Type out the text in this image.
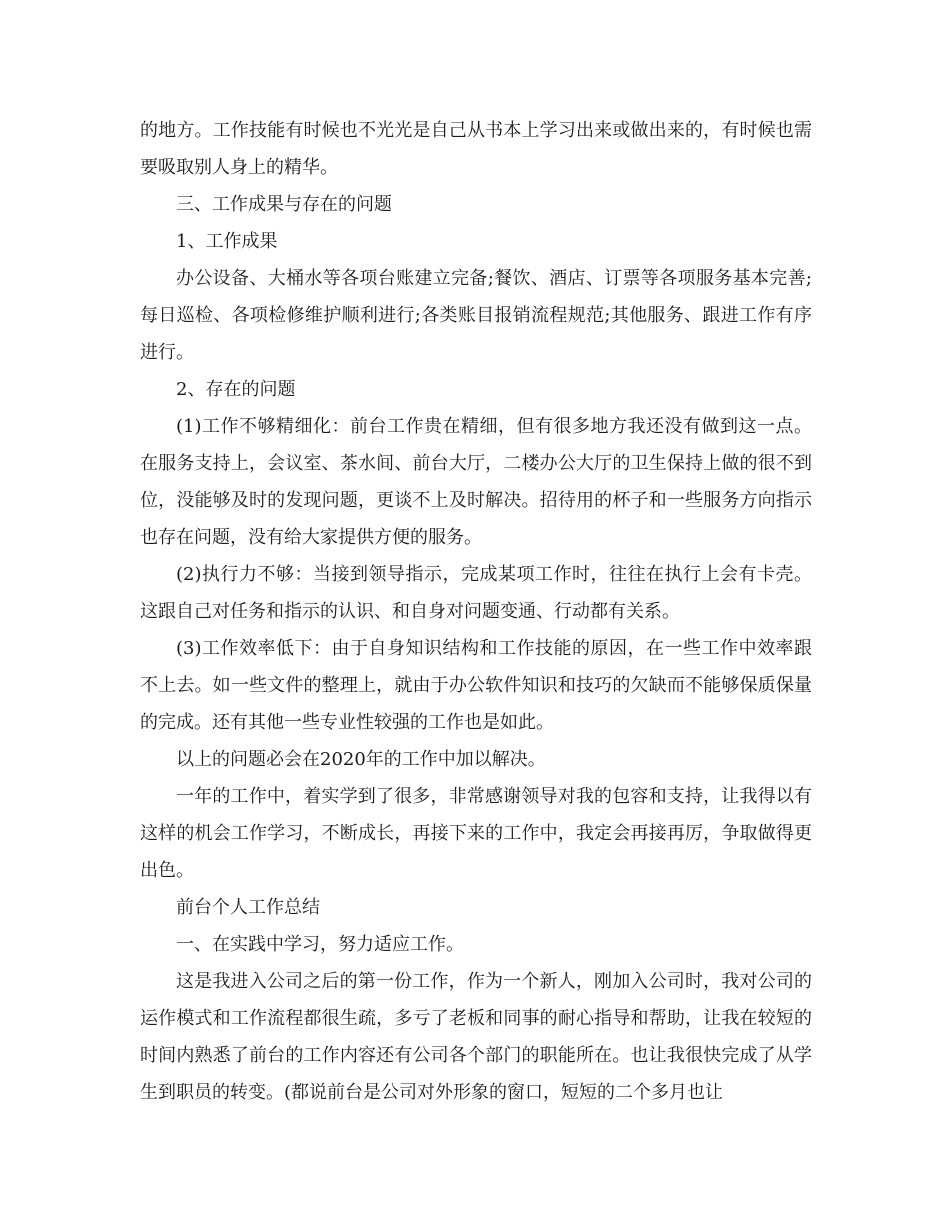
的地方。工作技能有时候也不光光是自己从书本上学习出来或做出来的，有时候也需要吸取别人身上的精华。

三、工作成果与存在的问题

1、工作成果

办公设备、大桶水等各项台账建立完备;餐饮、酒店、订票等各项服务基本完善;每日巡检、各项检修维护顺利进行;各类账目报销流程规范;其他服务、跟进工作有序进行。

2、存在的问题

(1)工作不够精细化：前台工作贵在精细，但有很多地方我还没有做到这一点。在服务支持上，会议室、茶水间、前台大厅，二楼办公大厅的卫生保持上做的很不到位，没能够及时的发现问题，更谈不上及时解决。招待用的杯子和一些服务方向指示也存在问题，没有给大家提供方便的服务。

(2)执行力不够：当接到领导指示，完成某项工作时，往往在执行上会有卡壳。这跟自己对任务和指示的认识、和自身对问题变通、行动都有关系。

(3)工作效率低下：由于自身知识结构和工作技能的原因，在一些工作中效率跟不上去。如一些文件的整理上，就由于办公软件知识和技巧的欠缺而不能够保质保量的完成。还有其他一些专业性较强的工作也是如此。

以上的问题必会在2020年的工作中加以解决。

一年的工作中，着实学到了很多，非常感谢领导对我的包容和支持，让我得以有这样的机会工作学习，不断成长，再接下来的工作中，我定会再接再厉，争取做得更出色。

前台个人工作总结

一、在实践中学习，努力适应工作。

这是我进入公司之后的第一份工作，作为一个新人，刚加入公司时，我对公司的运作模式和工作流程都很生疏，多亏了老板和同事的耐心指导和帮助，让我在较短的时间内熟悉了前台的工作内容还有公司各个部门的职能所在。也让我很快完成了从学生到职员的转变。(都说前台是公司对外形象的窗口，短短的二个多月也让
